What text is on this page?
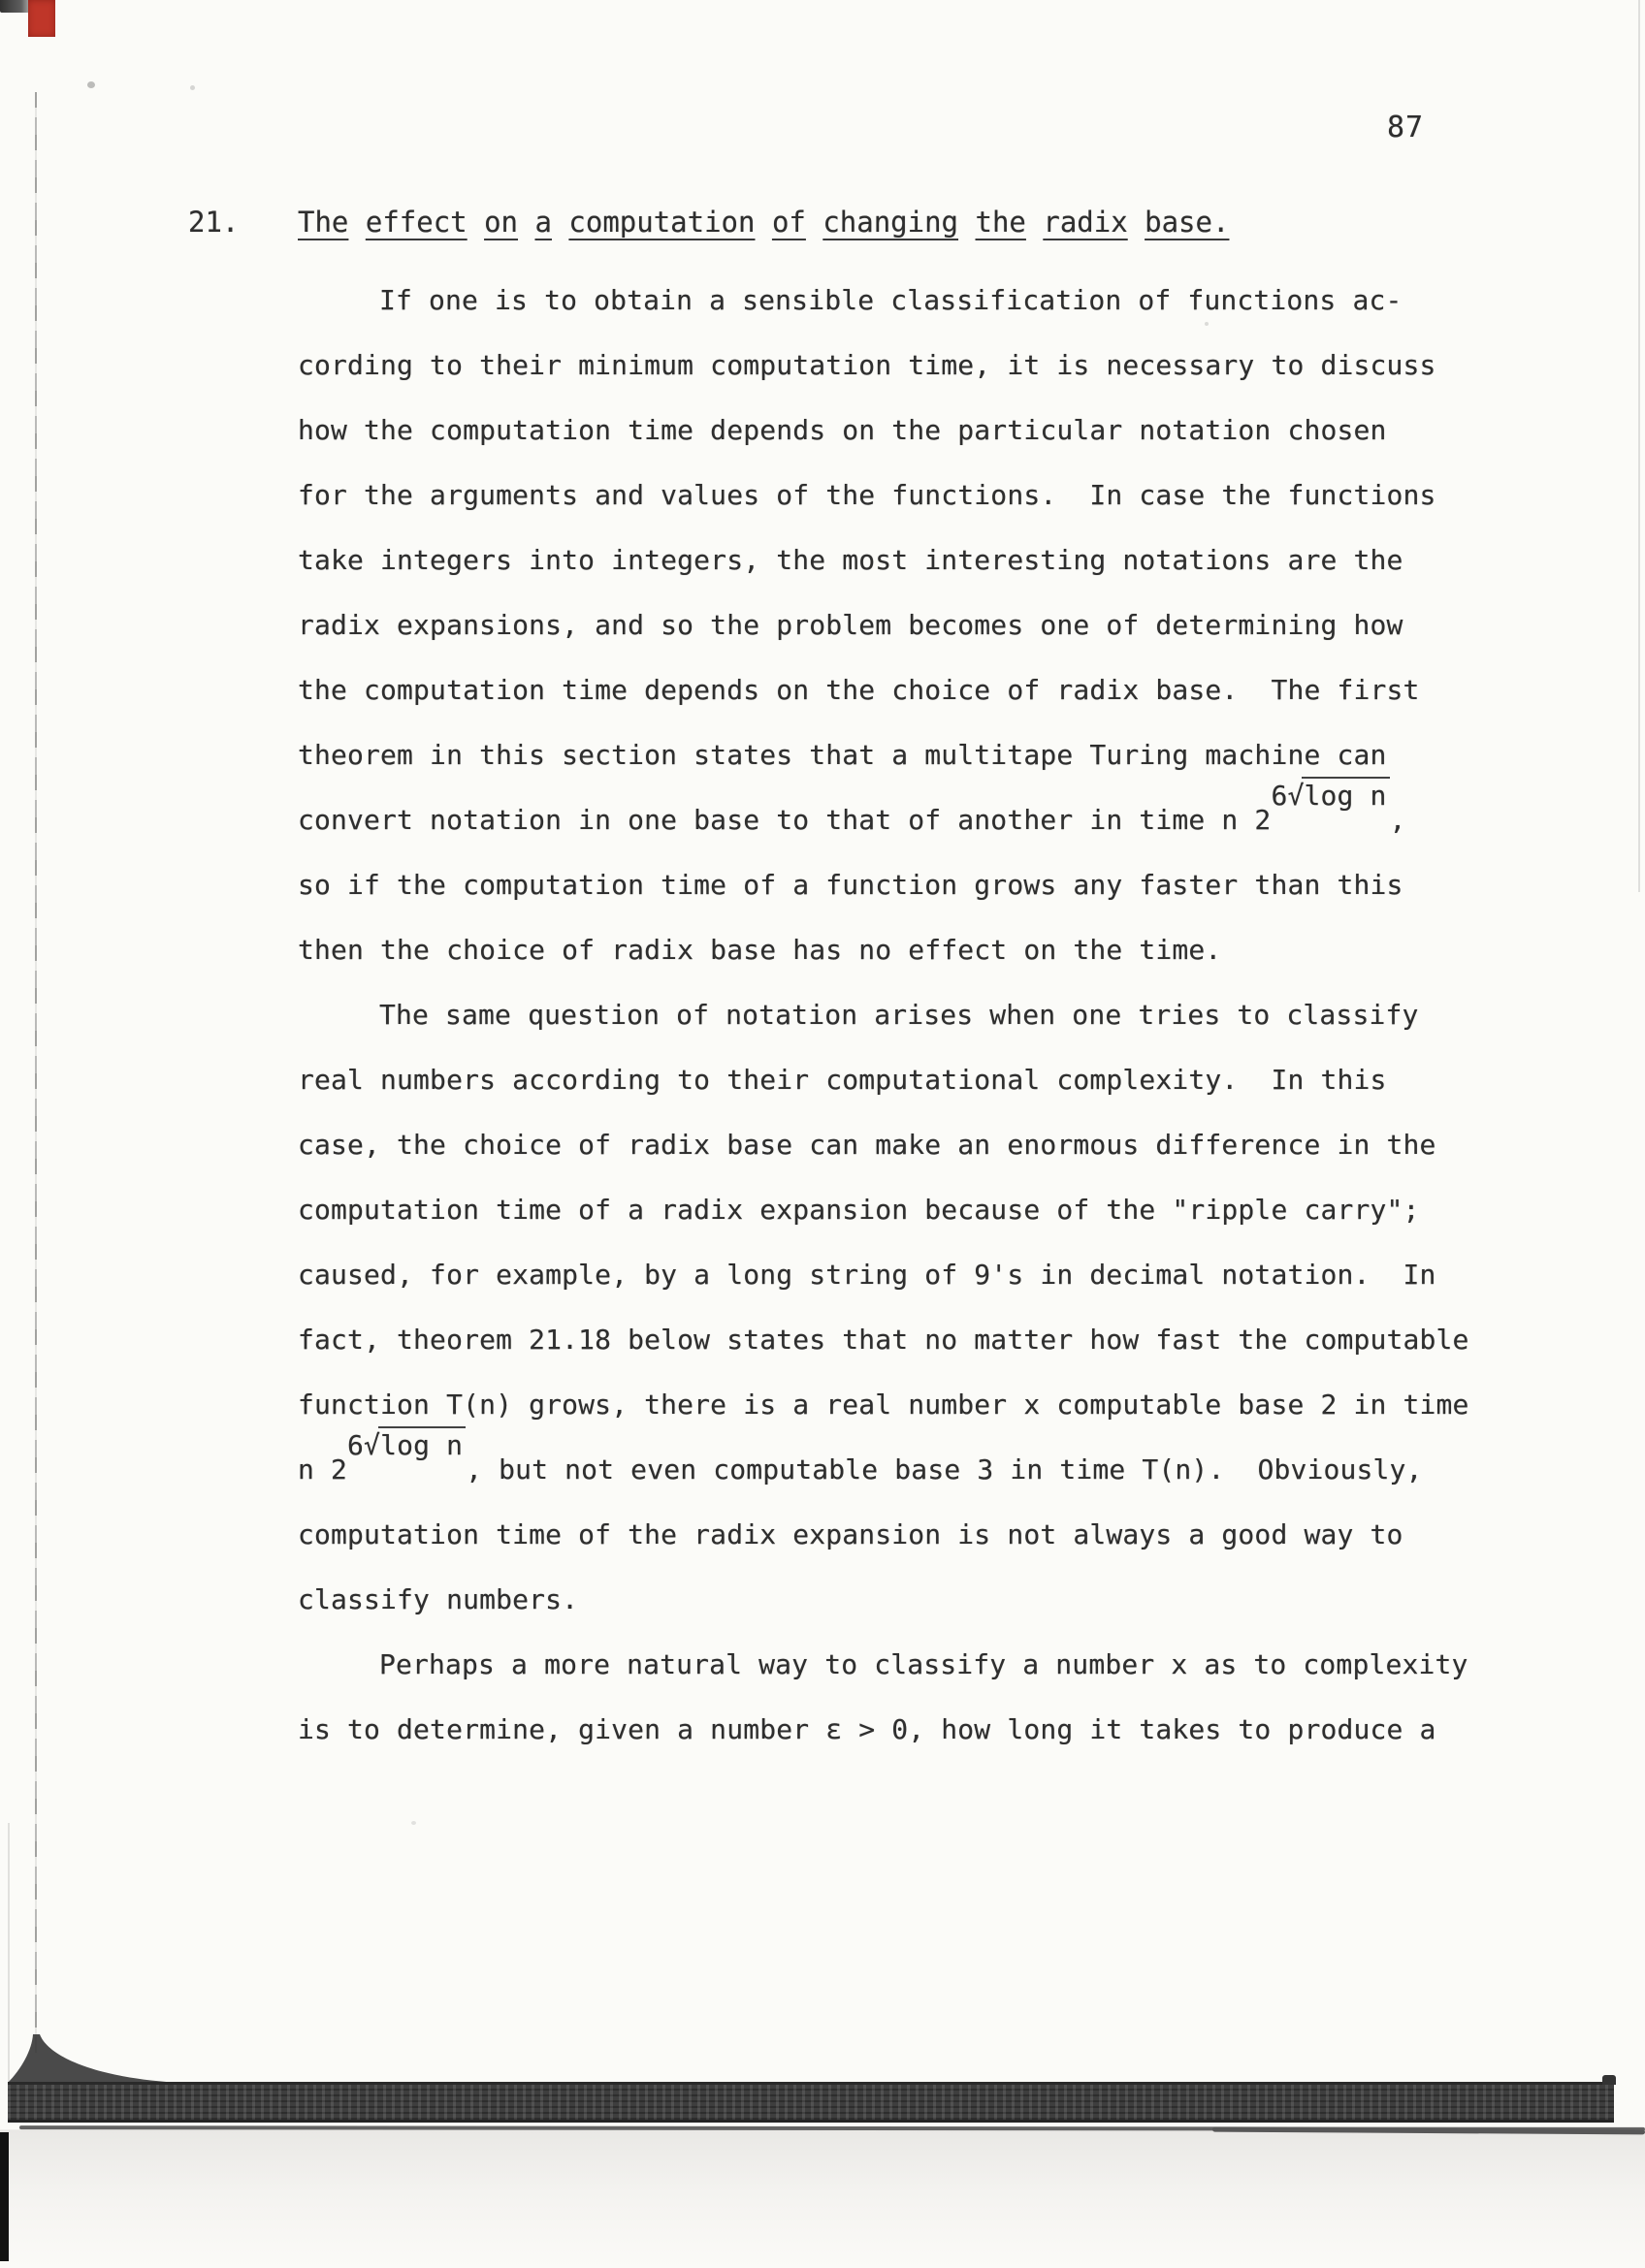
87
21. The effect on a computation of changing the radix base.
If one is to obtain a sensible classification of functions ac-
cording to their minimum computation time, it is necessary to discuss
how the computation time depends on the particular notation chosen
for the arguments and values of the functions.  In case the functions
take integers into integers, the most interesting notations are the
radix expansions, and so the problem becomes one of determining how
the computation time depends on the choice of radix base.  The first
theorem in this section states that a multitape Turing machine can
convert notation in one base to that of another in time n 26√log n,
so if the computation time of a function grows any faster than this
then the choice of radix base has no effect on the time.
The same question of notation arises when one tries to classify
real numbers according to their computational complexity.  In this
case, the choice of radix base can make an enormous difference in the
computation time of a radix expansion because of the "ripple carry";
caused, for example, by a long string of 9's in decimal notation.  In
fact, theorem 21.18 below states that no matter how fast the computable
function T(n) grows, there is a real number x computable base 2 in time
n 26√log n, but not even computable base 3 in time T(n).  Obviously,
computation time of the radix expansion is not always a good way to
classify numbers.
Perhaps a more natural way to classify a number x as to complexity
is to determine, given a number ε > 0, how long it takes to produce a
